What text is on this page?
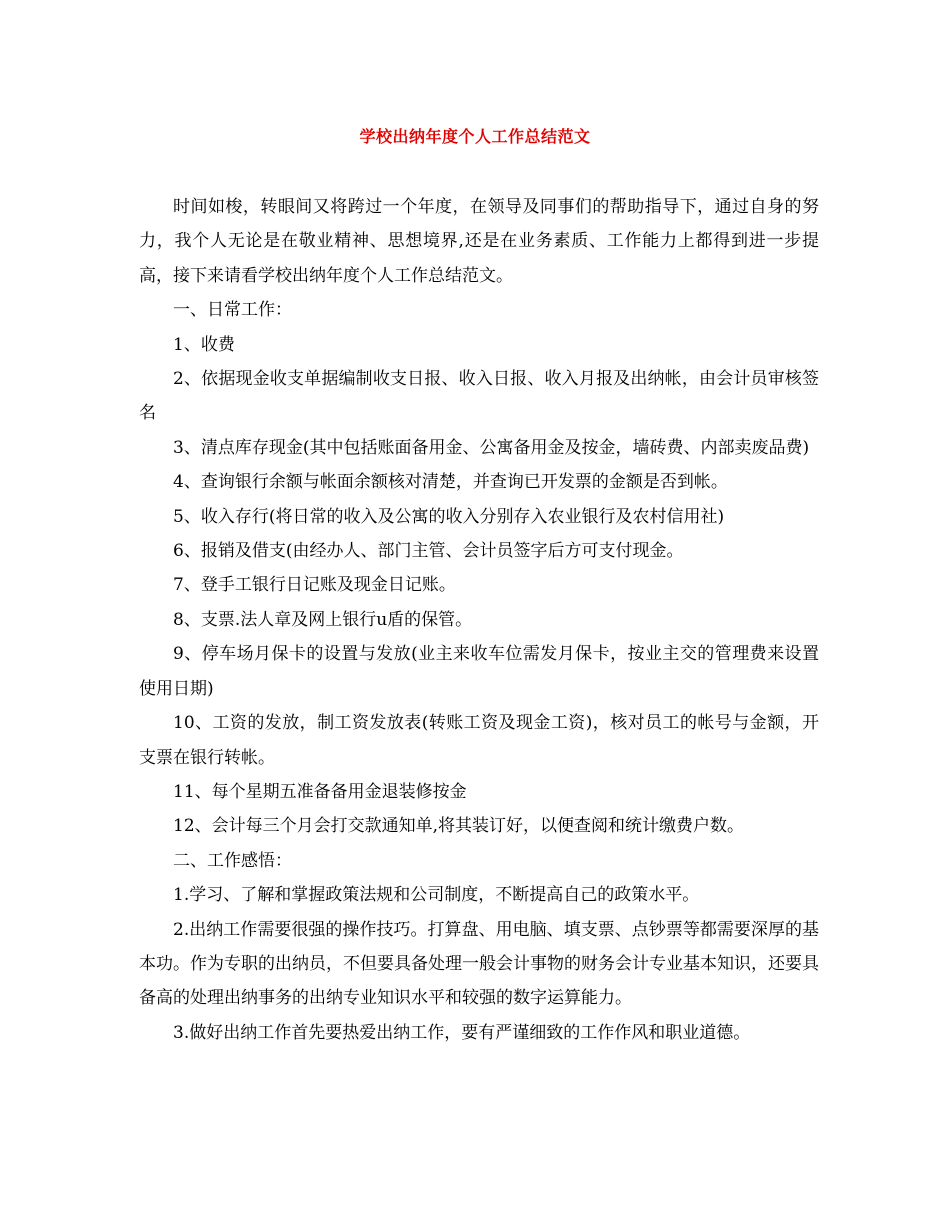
学校出纳年度个人工作总结范文

时间如梭，转眼间又将跨过一个年度，在领导及同事们的帮助指导下，通过自身的努力，我个人无论是在敬业精神、思想境界,还是在业务素质、工作能力上都得到进一步提高，接下来请看学校出纳年度个人工作总结范文。

一、日常工作：

1、收费

2、依据现金收支单据编制收支日报、收入日报、收入月报及出纳帐，由会计员审核签名

3、清点库存现金(其中包括账面备用金、公寓备用金及按金，墙砖费、内部卖废品费)

4、查询银行余额与帐面余额核对清楚，并查询已开发票的金额是否到帐。

5、收入存行(将日常的收入及公寓的收入分别存入农业银行及农村信用社)

6、报销及借支(由经办人、部门主管、会计员签字后方可支付现金。

7、登手工银行日记账及现金日记账。

8、支票.法人章及网上银行u盾的保管。

9、停车场月保卡的设置与发放(业主来收车位需发月保卡，按业主交的管理费来设置使用日期)

10、工资的发放，制工资发放表(转账工资及现金工资)，核对员工的帐号与金额，开支票在银行转帐。

11、每个星期五准备备用金退装修按金

12、会计每三个月会打交款通知单,将其装订好，以便查阅和统计缴费户数。

二、工作感悟：

1.学习、了解和掌握政策法规和公司制度，不断提高自己的政策水平。

2.出纳工作需要很强的操作技巧。打算盘、用电脑、填支票、点钞票等都需要深厚的基本功。作为专职的出纳员，不但要具备处理一般会计事物的财务会计专业基本知识，还要具备高的处理出纳事务的出纳专业知识水平和较强的数字运算能力。

3.做好出纳工作首先要热爱出纳工作，要有严谨细致的工作作风和职业道德。
